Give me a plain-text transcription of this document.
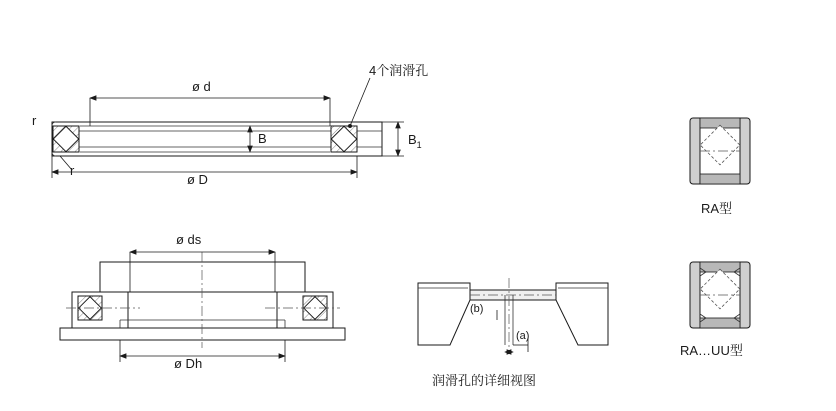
4个润滑孔
ø d
ø D
B	$B_1$
r
r
ø ds
ø Dh
(b)
(a)
润滑孔的详细视图
RA型
RA…UU型
